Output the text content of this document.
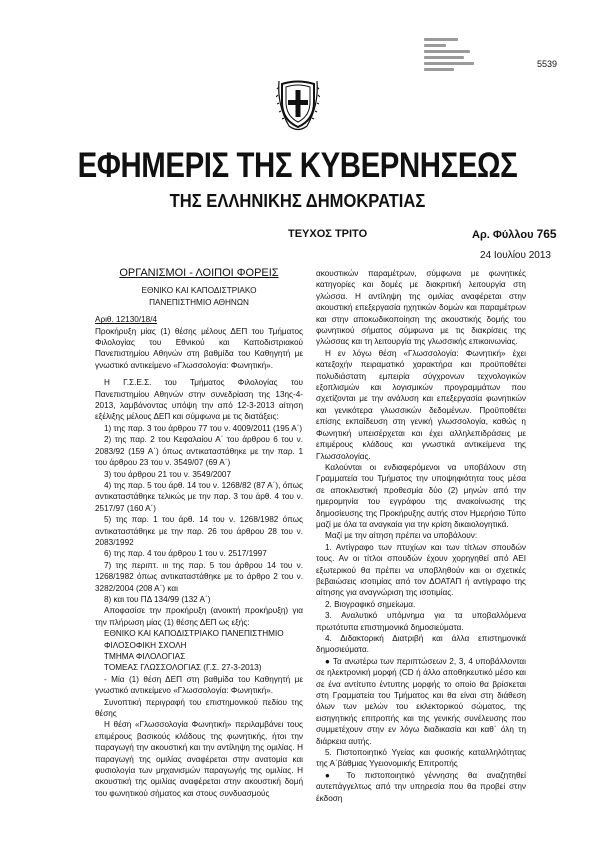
5539
ΕΦΗΜΕΡΙΣ ΤΗΣ ΚΥΒΕΡΝΗΣΕΩΣ
ΤΗΣ ΕΛΛΗΝΙΚΗΣ ΔΗΜΟΚΡΑΤΙΑΣ
ΤΕΥΧΟΣ ΤΡΙΤΟ	Αρ. Φύλλου 765
24 Ιουλίου 2013

ΟΡΓΑΝΙΣΜΟΙ - ΛΟΙΠΟΙ ΦΟΡΕΙΣ

ΕΘΝΙΚΟ ΚΑΙ ΚΑΠΟΔΙΣΤΡΙΑΚΟ

ΠΑΝΕΠΙΣΤΗΜΙΟ ΑΘΗΝΩΝ

Αριθ. 12130/18/4

Προκήρυξη μίας (1) θέσης μέλους ΔΕΠ του Τμήματος Φιλολογίας του Εθνικού και Καποδιστριακού Πανεπιστημίου Αθηνών στη βαθμίδα του Καθηγητή με γνωστικό αντικείμενο «Γλωσσολογία: Φωνητική».

Η Γ.Σ.Ε.Σ. του Τμήματος Φιλολογίας του Πανεπιστημίου Αθηνών στην συνεδρίαση της 13ης-4-2013, λαμβάνοντας υπόψη την από 12-3-2013 αίτηση εξέλιξης μέλους ΔΕΠ και σύμφωνα με τις διατάξεις:

1) της παρ. 3 του άρθρου 77 του ν. 4009/2011 (195 Α΄)

2) της παρ. 2 του Κεφαλαίου Α΄ του άρθρου 6 του ν. 2083/92 (159 Α΄) όπως αντικαταστάθηκε με την παρ. 1 του άρθρου 23 του ν. 3549/07 (69 Α΄)

3) του άρθρου 21 του ν. 3549/2007

4) της παρ. 5 του άρθ. 14 του ν. 1268/82 (87 Α΄), όπως αντικαταστάθηκε τελικώς με την παρ. 3 του άρθ. 4 του ν. 2517/97 (160 Α΄)

5) της παρ. 1 του άρθ. 14 του ν. 1268/1982 όπως αντικαταστάθηκε με την παρ. 26 του άρθρου 28 του ν. 2083/1992

6) της παρ. 4 του άρθρου 1 του ν. 2517/1997

7) της περιπτ. ιιι της παρ. 5 του άρθρου 14 του ν. 1268/1982 όπως αντικαταστάθηκε με το άρθρο 2 του ν. 3282/2004 (208 Α΄) και

8) και του ΠΔ 134/99 (132 Α΄)

Αποφασίσε την προκήρυξη (ανοικτή προκήρυξη) για την πλήρωση μίας (1) θέσης ΔΕΠ ως εξής:

ΕΘΝΙΚΟ ΚΑΙ ΚΑΠΟΔΙΣΤΡΙΑΚΟ ΠΑΝΕΠΙΣΤΗΜΙΟ

ΦΙΛΟΣΟΦΙΚΗ ΣΧΟΛΗ

ΤΜΗΜΑ ΦΙΛΟΛΟΓΙΑΣ

ΤΟΜΕΑΣ ΓΛΩΣΣΟΛΟΓΙΑΣ (Γ.Σ. 27-3-2013)

- Μία (1) θέση ΔΕΠ στη βαθμίδα του Καθηγητή με γνωστικό αντικείμενο «Γλωσσολογία: Φωνητική».

Συνοπτική περιγραφή του επιστημονικού πεδίου της θέσης

Η θέση «Γλωσσολογία Φωνητική» περιλαμβάνει τους επιμέρους βασικούς κλάδους της φωνητικής, ήτοι την παραγωγή την ακουστική και την αντίληψη της ομιλίας. Η παραγωγή της ομιλίας αναφέρεται στην ανατομία και φυσιολογία των μηχανισμών παραγωγής της ομιλίας. Η ακουστική της ομιλίας αναφέρεται στην ακουστική δομή του φωνητικού σήματος και στους συνδυασμούς

ακουστικών παραμέτρων, σύμφωνα με φωνητικές κατηγορίες και δομές με διακριτική λειτουργία στη γλώσσα. Η αντίληψη της ομιλίας αναφέρεται στην ακουστική επεξεργασία ηχητικών δομών και παραμέτρων και στην αποκωδικοποίηση της ακουστικής δομής του φωνητικού σήματος σύμφωνα με τις διακρίσεις της γλώσσας και τη λειτουργία της γλωσσικής επικοινωνίας.

Η εν λόγω θέση «Γλωσσολογία: Φωνητική» έχει κατεξοχήν πειραματικό χαρακτήρα και προϋποθέτει πολυδιάστατη εμπειρία σύγχρονων τεχνολογικών εξοπλισμών και λογισμικών προγραμμάτων που σχετίζονται με την ανάλυση και επεξεργασία φωνητικών και γενικότερα γλωσσικών δεδομένων. Προϋποθέτει επίσης εκπαίδευση στη γενική γλωσσολογία, καθώς η Φωνητική υπεισέρχεται και έχει αλληλεπιδράσεις με επιμέρους κλάδους και γνωστικά αντικείμενα της Γλωσσολογίας.

Καλούνται οι ενδιαφερόμενοι να υποβάλουν στη Γραμματεία του Τμήματος την υποψηφιότητα τους μέσα σε αποκλειστική προθεσμία δύο (2) μηνών από την ημερομηνία του εγγράφου της ανακοίνωσης της δημοσίευσης της Προκήρυξης αυτής στον Ημερήσιο Τύπο μαζί με όλα τα αναγκαία για την κρίση δικαιολογητικά.

Μαζί με την αίτηση πρέπει να υποβάλουν:

1. Αντίγραφο των πτυχίων και των τίτλων σπουδών τους. Αν οι τίτλοι σπουδών έχουν χορηγηθεί από ΑΕΙ εξωτερικού θα πρέπει να υποβληθούν και οι σχετικές βεβαιώσεις ισοτιμίας από τον ΔΟΑΤΑΠ ή αντίγραφο της αίτησης για αναγνώριση της ισοτιμίας.

2. Βιογραφικό σημείωμα.

3. Αναλυτικό υπόμνημα για τα υποβαλλόμενα πρωτότυπα επιστημονικά δημοσιεύματα.

4. Διδακτορική Διατριβή και άλλα επιστημονικά δημοσιεύματα.

● Τα ανωτέρω των περιπτώσεων 2, 3, 4 υποβάλλονται σε ηλεκτρονική μορφή (CD ή άλλο αποθηκευτικό μέσο και σε ένα αντίτυπο έντυπης μορφής το οποίο θα βρίσκεται στη Γραμματεία του Τμήματος και θα είναι στη διάθεση όλων των μελών του εκλεκτορικού σώματος, της εισηγητικής επιτροπής και της γενικής συνέλευσης που συμμετέχουν στην εν λόγω διαδικασία και καθ΄ όλη τη διάρκεια αυτής.

5. Πιστοποιητικό Υγείας και φυσικής καταλληλότητας της Α΄βάθμιας Υγειονομικής Επιτροπής

● Το πιστοποιητικό γέννησης θα αναζητηθεί αυτεπάγγελτως από την υπηρεσία που θα προβεί στην έκδοση
